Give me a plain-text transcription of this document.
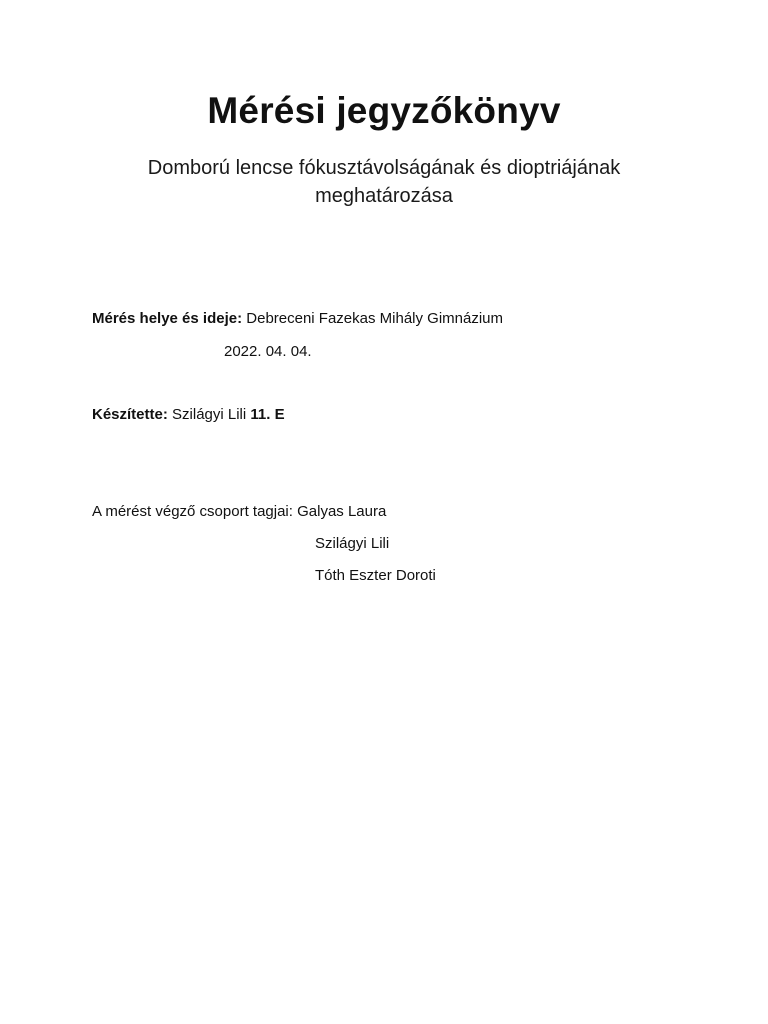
Mérési jegyzőkönyv

Domború lencse fókusztávolságának és dioptriájának meghatározása

Mérés helye és ideje: Debreceni Fazekas Mihály Gimnázium
2022. 04. 04.
Készítette: Szilágyi Lili 11. E
A mérést végző csoport tagjai: Galyas Laura
Szilágyi Lili
Tóth Eszter Doroti
